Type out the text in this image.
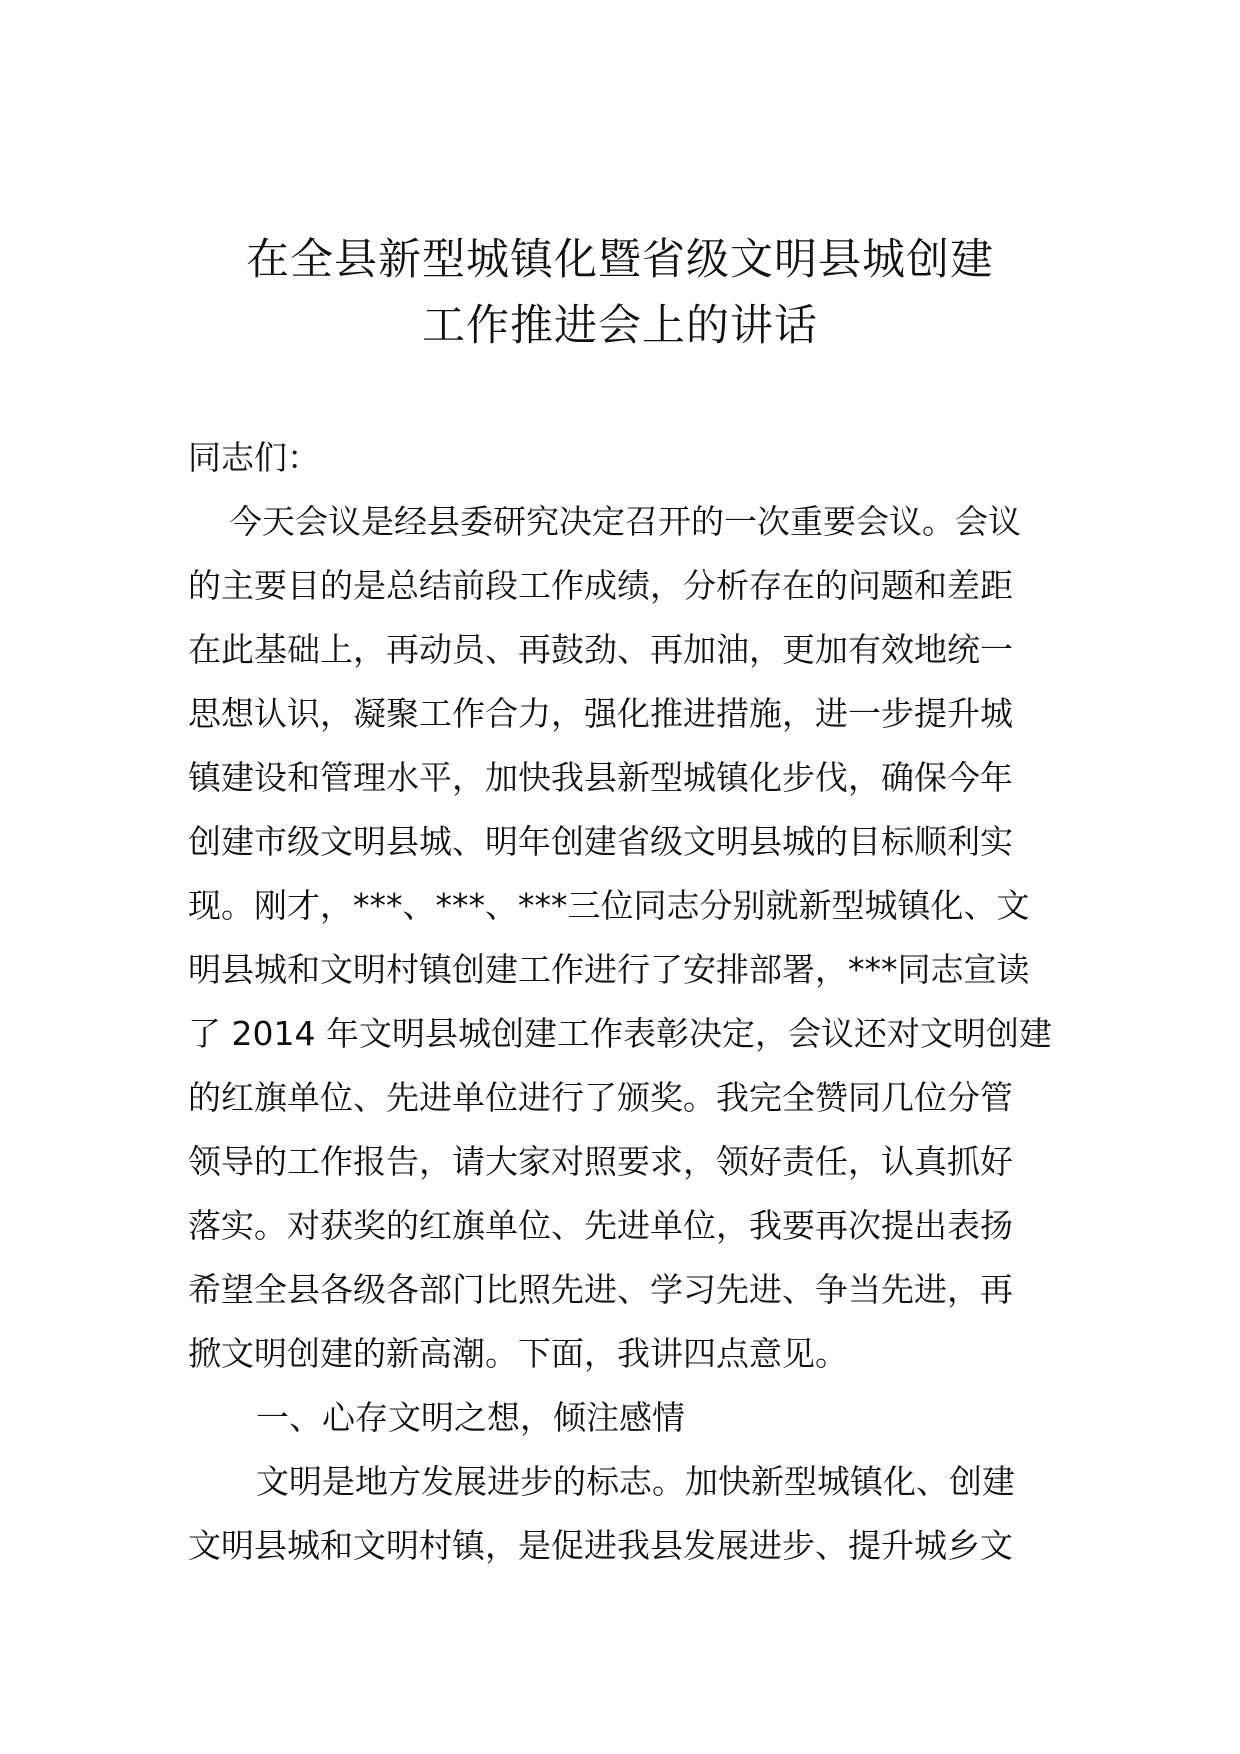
在全县新型城镇化暨省级文明县城创建
工作推进会上的讲话
同志们：
　今天会议是经县委研究决定召开的一次重要会议。会议
的主要目的是总结前段工作成绩，分析存在的问题和差距
在此基础上，再动员、再鼓劲、再加油，更加有效地统一
思想认识，凝聚工作合力，强化推进措施，进一步提升城
镇建设和管理水平，加快我县新型城镇化步伐，确保今年
创建市级文明县城、明年创建省级文明县城的目标顺利实
现。刚才，***、***、***三位同志分别就新型城镇化、文
明县城和文明村镇创建工作进行了安排部署，***同志宣读
了 2014 年文明县城创建工作表彰决定，会议还对文明创建
的红旗单位、先进单位进行了颁奖。我完全赞同几位分管
领导的工作报告，请大家对照要求，领好责任，认真抓好
落实。对获奖的红旗单位、先进单位，我要再次提出表扬
希望全县各级各部门比照先进、学习先进、争当先进，再
掀文明创建的新高潮。下面，我讲四点意见。
一、心存文明之想，倾注感情
文明是地方发展进步的标志。加快新型城镇化、创建
文明县城和文明村镇，是促进我县发展进步、提升城乡文
